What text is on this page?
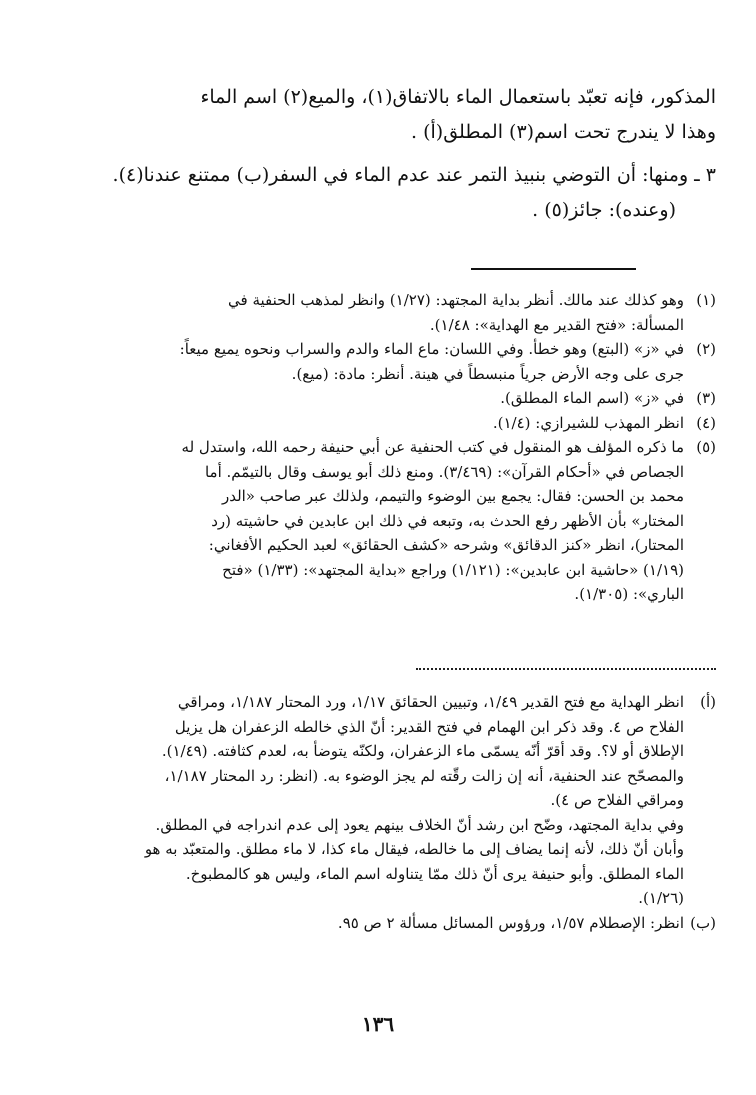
المذكور، فإنه تعبّد باستعمال الماء بالاتفاق(١)، والميع(٢) اسم الماء

وهذا لا يندرج تحت اسم(٣) المطلق(أ) .

٣ ـ ومنها: أن التوضي بنبيذ التمر عند عدم الماء في السفر(ب) ممتنع عندنا(٤).

(وعنده): جائز(٥) .

(١)

وهو كذلك عند مالك. أنظر بداية المجتهد: (١/٢٧) وانظر لمذهب الحنفية في

المسألة: «فتح القدير مع الهداية»: ١/٤٨).

(٢)

في «ز» (البتع) وهو خطأ. وفي اللسان: ماع الماء والدم والسراب ونحوه يميع ميعاً:

جرى على وجه الأرض جرياً منبسطاً في هينة. أنظر: مادة: (ميع).

(٣)

في «ز» (اسم الماء المطلق).

(٤)

انظر المهذب للشيرازي: (١/٤).

(٥)

ما ذكره المؤلف هو المنقول في كتب الحنفية عن أبي حنيفة رحمه الله، واستدل له

الجصاص في «أحكام القرآن»: (٣/٤٦٩). ومنع ذلك أبو يوسف وقال بالتيمّم. أما

محمد بن الحسن: فقال: يجمع بين الوضوء والتيمم، ولذلك عبر صاحب «الدر

المختار» بأن الأظهر رفع الحدث به، وتبعه في ذلك ابن عابدين في حاشيته (رد

المحتار)، انظر «كنز الدقائق» وشرحه «كشف الحقائق» لعبد الحكيم الأفغاني:

(١/١٩) «حاشية ابن عابدين»: (١/١٢١) وراجع «بداية المجتهد»: (١/٣٣) «فتح

الباري»: (١/٣٠٥).

(أ)

انظر الهداية مع فتح القدير ١/٤٩، وتبيين الحقائق ١/١٧، ورد المحتار ١/١٨٧، ومراقي

الفلاح ص ٤. وقد ذكر ابن الهمام في فتح القدير: أنّ الذي خالطه الزعفران هل يزيل

الإطلاق أو لا؟. وقد أقرّ أنّه يسمّى ماء الزعفران، ولكنّه يتوضأ به، لعدم كثافته. (١/٤٩).

والمصحّح عند الحنفية، أنه إن زالت رقّته لم يجز الوضوء به. (انظر: رد المحتار ١/١٨٧،

ومراقي الفلاح ص ٤).

وفي بداية المجتهد، وضّح ابن رشد أنّ الخلاف بينهم يعود إلى عدم اندراجه في المطلق.

وأبان أنّ ذلك، لأنه إنما يضاف إلى ما خالطه، فيقال ماء كذا، لا ماء مطلق. والمتعبّد به هو

الماء المطلق. وأبو حنيفة يرى أنّ ذلك ممّا يتناوله اسم الماء، وليس هو كالمطبوخ.

(١/٢٦).

(ب)

انظر: الإصطلام ١/٥٧، ورؤوس المسائل مسألة ٢ ص ٩٥.

١٣٦
